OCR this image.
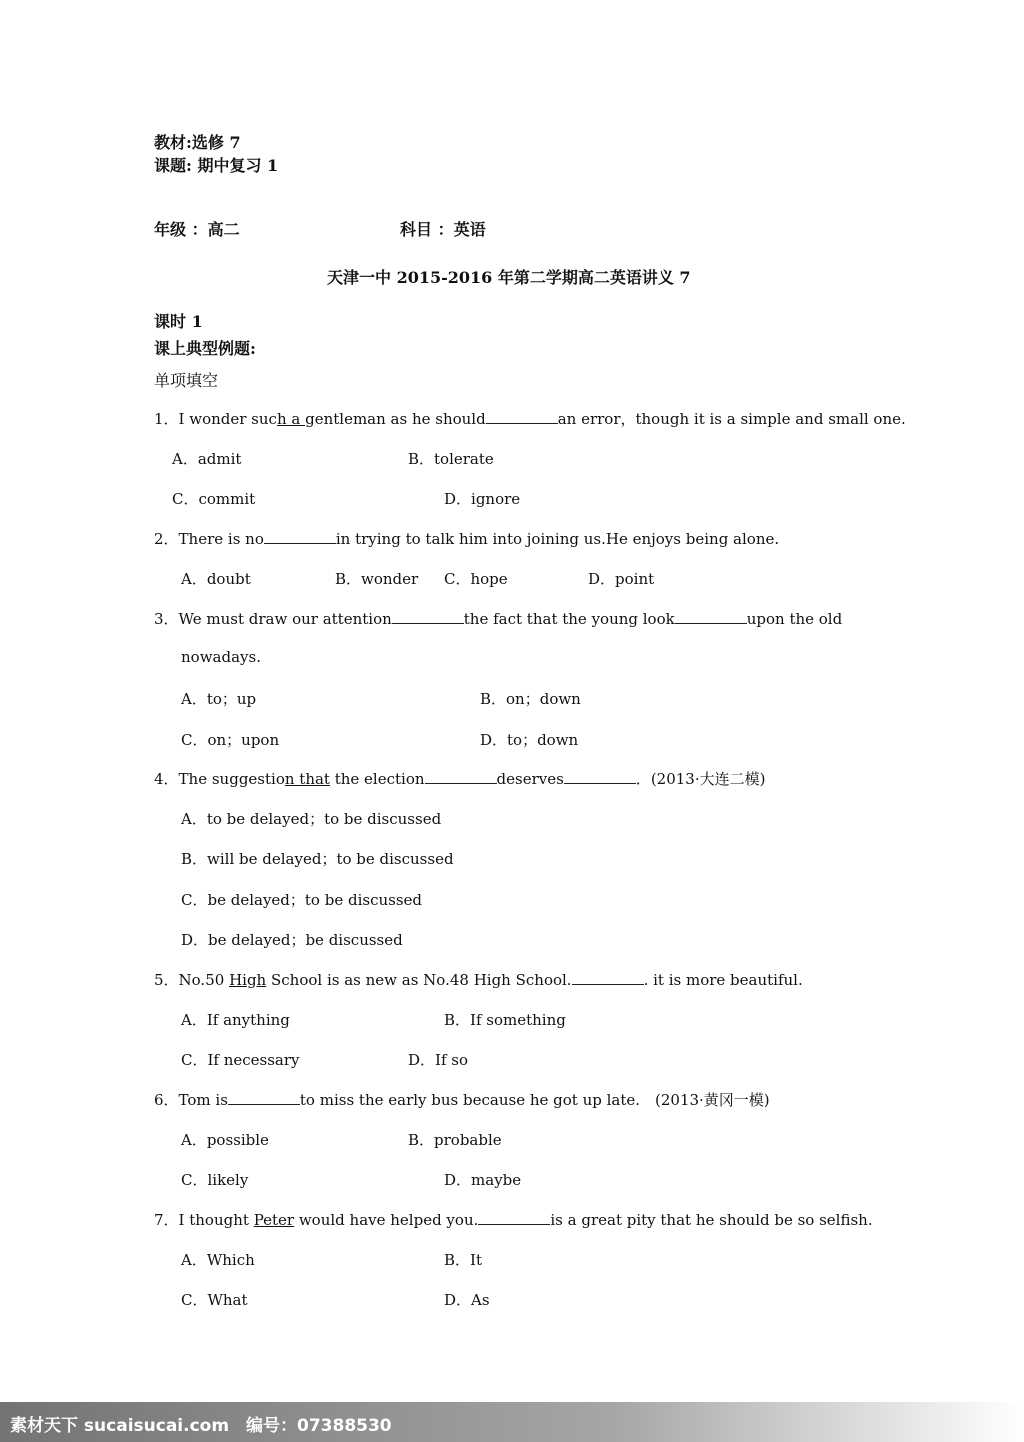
教材:选修 7
课题: 期中复习 1
年级 ：高二	科目 ：英语
天津一中 2015-2016 年第二学期高二英语讲义 7
课时 1
课上典型例题:
单项填空
1．I wonder such a gentleman as he should	an error，though it is a simple and small one.
A．admit	B．tolerate
C．commit	D．ignore
2．There is no	in trying to talk him into joining us.He enjoys being alone.
A．doubt	B．wonder C．hope	D．point
3．We must draw our attention	the fact that the young look	upon the old
nowadays.
A．to；up	B．on；down
C．on；upon	D．to；down
4．The suggestion that the election	deserves	．(2013·大连二模)
A．to be delayed；to be discussed
B．will be delayed；to be discussed
C．be delayed；to be discussed
D．be delayed；be discussed
5．No.50 High School is as new as No.48 High School.	. it is more beautiful.
A．If anything	B．If something
C．If necessary	D．If so
6．Tom is	to miss the early bus because he got up late.　(2013·黄冈一模)
A．possible	B．probable
C．likely	D．maybe
7．I thought Peter would have helped you.	is a great pity that he should be so selfish.
A．Which	B．It
C．What	D．As
素材天下 sucaisucai.com 编号：07388530
